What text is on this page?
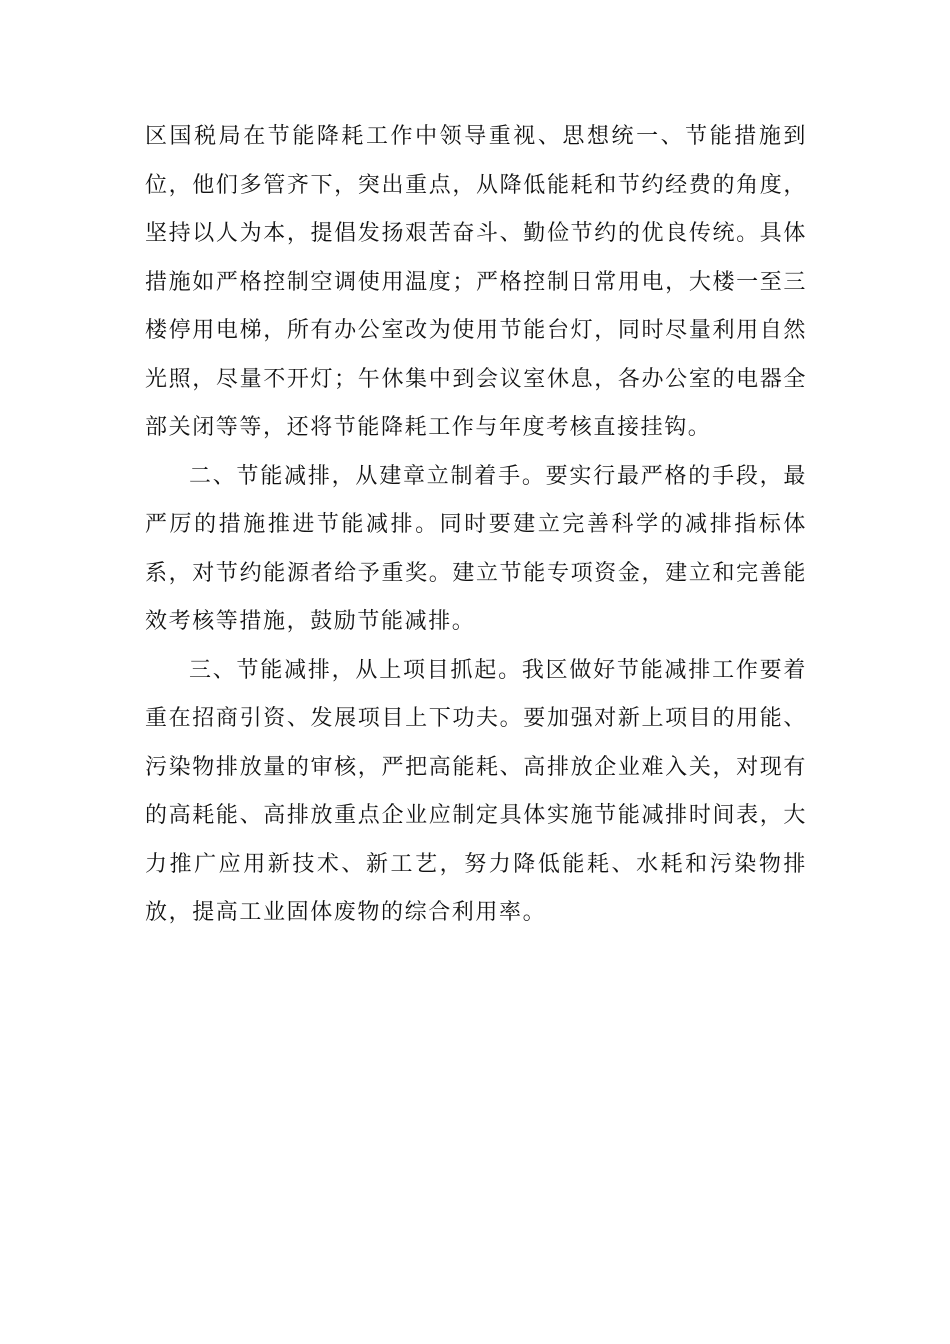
区国税局在节能降耗工作中领导重视、思想统一、节能措施到位，他们多管齐下，突出重点，从降低能耗和节约经费的角度，坚持以人为本，提倡发扬艰苦奋斗、勤俭节约的优良传统。具体措施如严格控制空调使用温度；严格控制日常用电，大楼一至三楼停用电梯，所有办公室改为使用节能台灯，同时尽量利用自然光照，尽量不开灯；午休集中到会议室休息，各办公室的电器全部关闭等等，还将节能降耗工作与年度考核直接挂钩。

二、节能减排，从建章立制着手。要实行最严格的手段，最严厉的措施推进节能减排。同时要建立完善科学的减排指标体系，对节约能源者给予重奖。建立节能专项资金，建立和完善能效考核等措施，鼓励节能减排。

三、节能减排，从上项目抓起。我区做好节能减排工作要着重在招商引资、发展项目上下功夫。要加强对新上项目的用能、污染物排放量的审核，严把高能耗、高排放企业难入关，对现有的高耗能、高排放重点企业应制定具体实施节能减排时间表，大力推广应用新技术、新工艺，努力降低能耗、水耗和污染物排放，提高工业固体废物的综合利用率。
